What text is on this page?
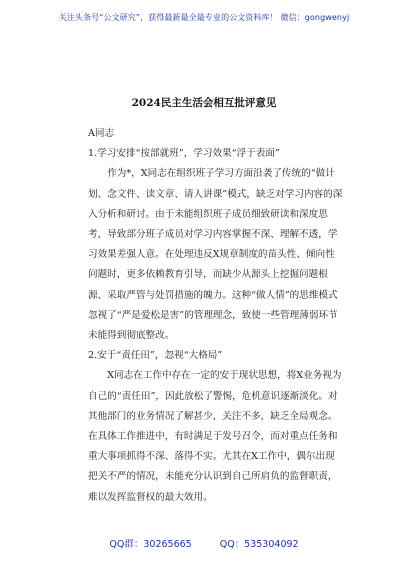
关注头条号“公文研究”，获得最新最全最专业的公文资料库！ 微信：gongwenyj
2024民主生活会相互批评意见

A同志

1.学习安排“按部就班”，学习效果“浮于表面”

作为*，X同志在组织班子学习方面沿袭了传统的“做计划、念文件、读文章、请人讲课”模式，缺乏对学习内容的深入分析和研讨。由于未能组织班子成员细致研读和深度思考，导致部分班子成员对学习内容掌握不深、理解不透，学习效果差强人意。在处理违反X规章制度的苗头性、倾向性问题时，更多依赖教育引导，而缺少从源头上挖掘问题根源、采取严管与处罚措施的魄力。这种“做人情”的思维模式忽视了“严是爱松是害”的管理理念，致使一些管理薄弱环节未能得到彻底整改。

2.安于“责任田”，忽视“大格局”

X同志在工作中存在一定的安于现状思想，将X业务视为自己的“责任田”，因此放松了警惕，危机意识逐渐淡化。对其他部门的业务情况了解甚少，关注不多，缺乏全局观念。在具体工作推进中，有时满足于发号召令，而对重点任务和重大事项抓得不深、落得不实。尤其在X工作中，偶尔出现把关不严的情况，未能充分认识到自己所肩负的监督职责，难以发挥监督权的最大效用。

QQ群：30265665	QQ：535304092
